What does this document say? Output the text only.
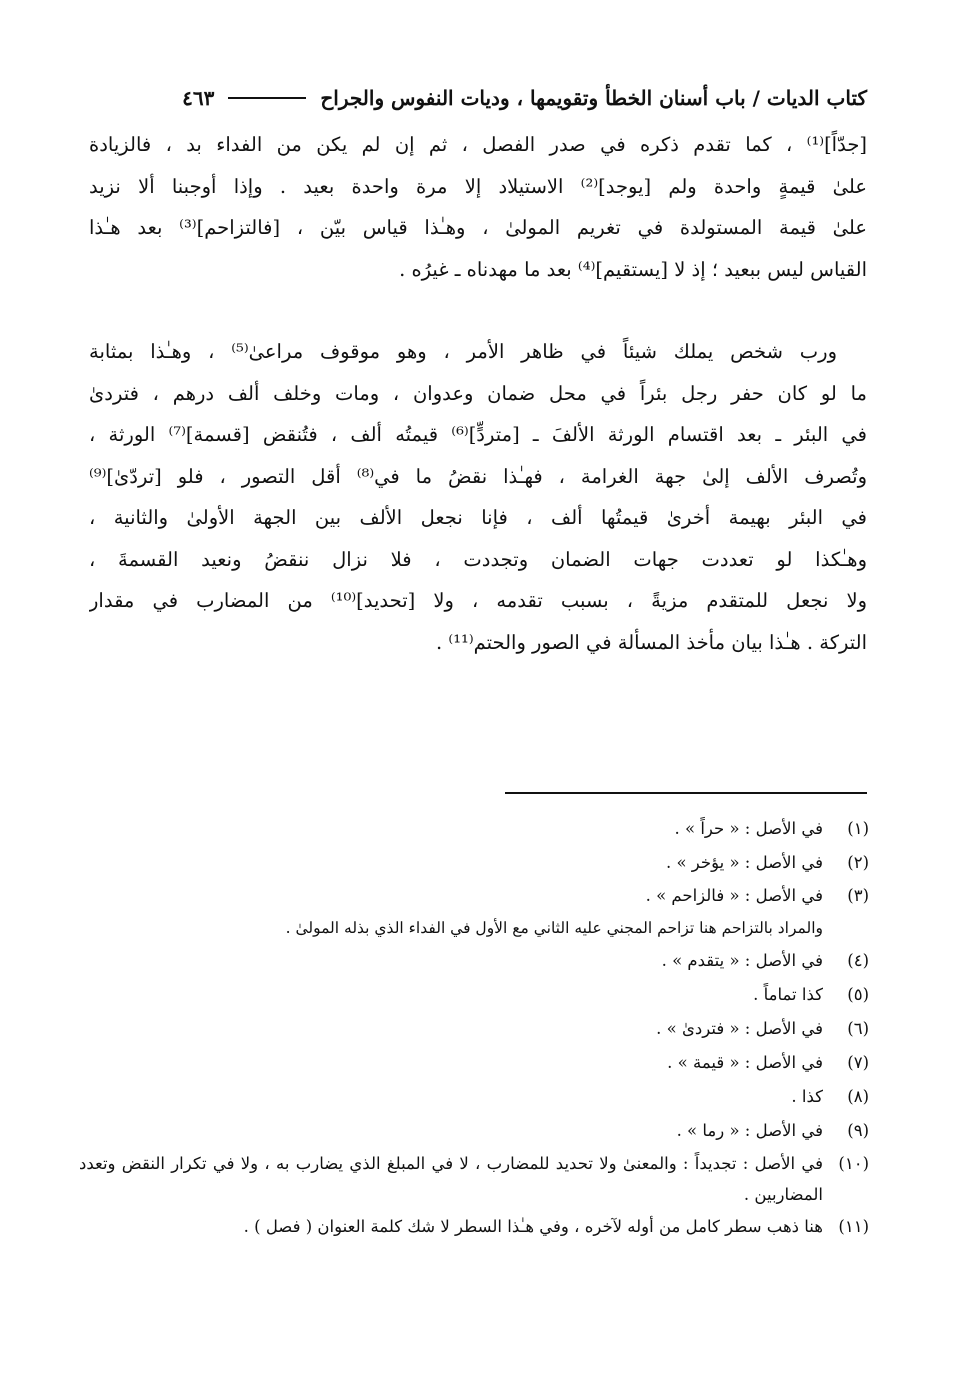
كتاب الديات / باب أسنان الخطأ وتقويمها ، وديات النفوس والجراح
٤٦٣
[جدّاً]⁽¹⁾ ، كما تقدم ذكره في صدر الفصل ، ثم إن لم يكن من الفداء بد ، فالزيادة
علىٰ قيمةٍ واحدة ولم [يوجد]⁽²⁾ الاستيلاد إلا مرة واحدة بعيد . وإذا أوجبنا ألا نزيد
علىٰ قيمة المستولدة في تغريم المولىٰ ، وهـٰذا قياس بيّن ، [فالتزاحم]⁽³⁾ بعد هـٰذا
القياس ليس ببعيد ؛ إذ لا [يستقيم]⁽⁴⁾ بعد ما مهدناه ـ غيرُه .
ورب شخص يملك شيئاً في ظاهر الأمر ، وهو موقوف مراعىٰ⁽⁵⁾ ، وهـٰذا بمثابة
ما لو كان حفر رجل بئراً في محل ضمان وعدوان ، ومات وخلف ألف درهم ، فتردىٰ
في البئر ـ بعد اقتسام الورثة الألفَ ـ [متردٍّ]⁽⁶⁾ قيمتُه ألف ، فتُنقض [قسمة]⁽⁷⁾ الورثة ،
وتُصرف الألف إلىٰ جهة الغرامة ، فهـٰذا نقضُ ما في⁽⁸⁾ أقل التصور ، فلو [تردّىٰ]⁽⁹⁾
في البئر بهيمة أخرىٰ قيمتُها ألف ، فإنا نجعل الألف بين الجهة الأولىٰ والثانية ،
وهـٰكذا لو تعددت جهات الضمان وتجددت ، فلا نزال ننقضُ ونعيد القسمةَ ،
ولا نجعل للمتقدم مزيةً ، بسبب تقدمه ، ولا [تحديد]⁽¹⁰⁾ من المضارب في مقدار
التركة . هـٰذا بيان مأخذ المسألة في الصور والحتم⁽¹¹⁾ .
(١)
في الأصل : « حراً » .
(٢)
في الأصل : « يؤخر » .
(٣)
في الأصل : « فالزاحم » .
والمراد بالتزاحم هنا تزاحم المجني عليه الثاني مع الأول في الفداء الذي بذله المولىٰ .
(٤)
في الأصل : « يتقدم » .
(٥)
كذا تماماً .
(٦)
في الأصل : « فتردىٰ » .
(٧)
في الأصل : « قيمة » .
(٨)
كذا .
(٩)
في الأصل : « رما » .
(١٠)
في الأصل : تجديداً : والمعنىٰ ولا تحديد للمضارب ، لا في المبلغ الذي يضارب به ، ولا في تكرار النقض وتعدد المضاربين .
(١١)
هنا ذهب سطر كامل من أوله لآخره ، وفي هـٰذا السطر لا شك كلمة العنوان ( فصل ) .
